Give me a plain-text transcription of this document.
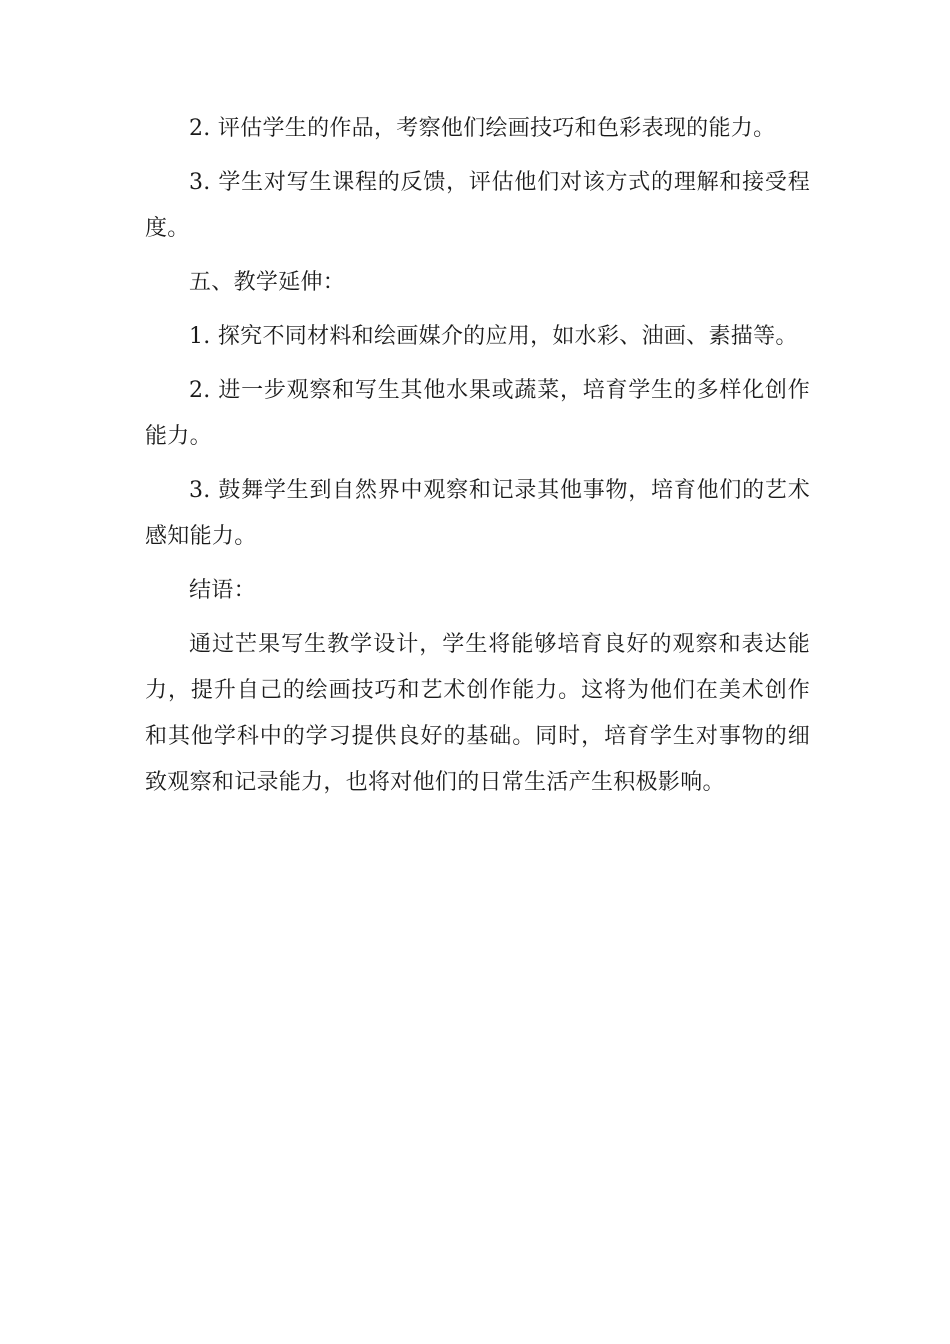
2. 评估学生的作品，考察他们绘画技巧和色彩表现的能力。

3. 学生对写生课程的反馈，评估他们对该方式的理解和接受程度。

五、教学延伸：

1. 探究不同材料和绘画媒介的应用，如水彩、油画、素描等。

2. 进一步观察和写生其他水果或蔬菜，培育学生的多样化创作能力。

3. 鼓舞学生到自然界中观察和记录其他事物，培育他们的艺术感知能力。

结语：

通过芒果写生教学设计，学生将能够培育良好的观察和表达能力，提升自己的绘画技巧和艺术创作能力。这将为他们在美术创作和其他学科中的学习提供良好的基础。同时，培育学生对事物的细致观察和记录能力，也将对他们的日常生活产生积极影响。
